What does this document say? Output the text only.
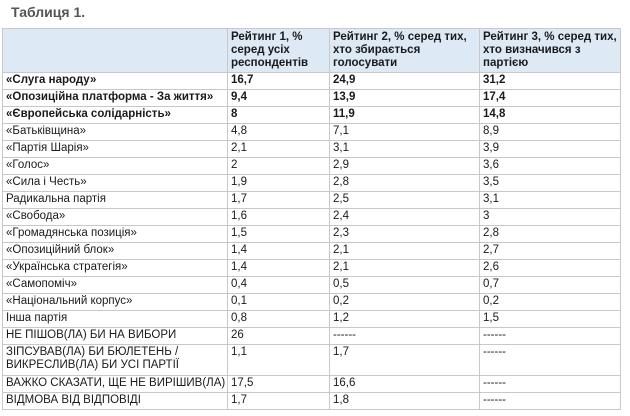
Таблиця 1.
	Рейтинг 1, % серед усіх респондентів	Рейтинг 2, % серед тих, хто збирається голосувати	Рейтинг 3, % серед тих, хто визначився з партією
«Слуга народу»	16,7	24,9	31,2
«Опозиційна платформа - За життя»	9,4	13,9	17,4
«Європейська солідарність»	8	11,9	14,8
«Батьківщина»	4,8	7,1	8,9
«Партія Шарія»	2,1	3,1	3,9
«Голос»	2	2,9	3,6
«Сила і Честь»	1,9	2,8	3,5
Радикальна партія	1,7	2,5	3,1
«Свобода»	1,6	2,4	3
«Громадянська позиція»	1,5	2,3	2,8
«Опозиційний блок»	1,4	2,1	2,7
«Українська стратегія»	1,4	2,1	2,6
«Самопоміч»	0,4	0,5	0,7
«Національний корпус»	0,1	0,2	0,2
Інша партія	0,8	1,2	1,5
НЕ ПІШОВ(ЛА) БИ НА ВИБОРИ	26	------	------
ЗІПСУВАВ(ЛА) БИ БЮЛЕТЕНЬ / ВИКРЕСЛИВ(ЛА) БИ УСІ ПАРТІЇ	1,1	1,7	------
ВАЖКО СКАЗАТИ, ЩЕ НЕ ВИРІШИВ(ЛА)	17,5	16,6	------
ВІДМОВА ВІД ВІДПОВІДІ	1,7	1,8	------
